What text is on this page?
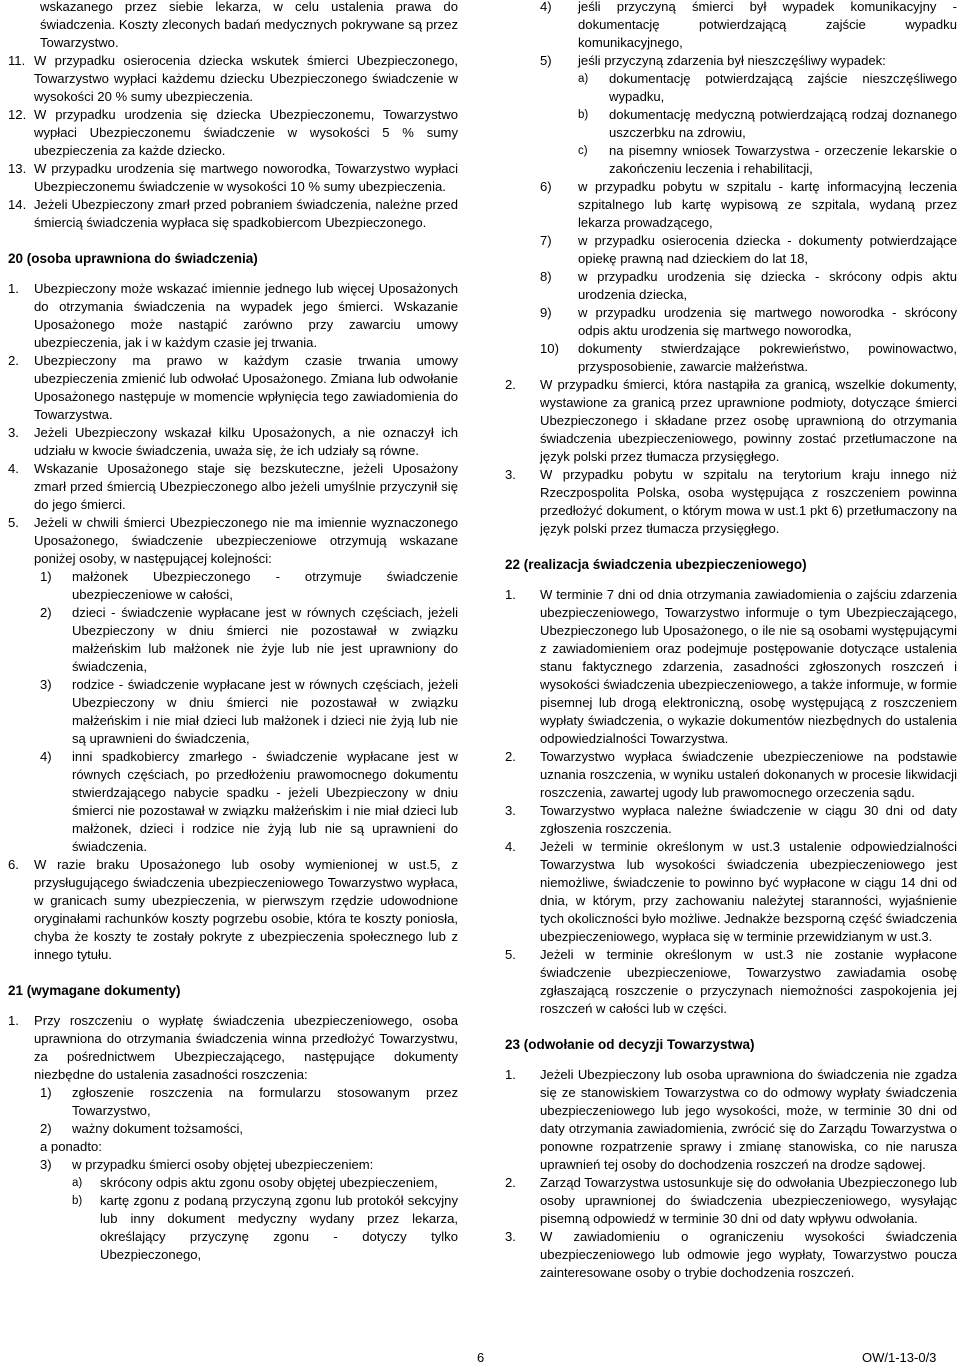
wskazanego przez siebie lekarza, w celu ustalenia prawa do świadczenia. Koszty zleconych badań medycznych pokrywane są przez Towarzystwo.
11. W przypadku osierocenia dziecka wskutek śmierci Ubezpieczonego, Towarzystwo wypłaci każdemu dziecku Ubezpieczonego świadczenie w wysokości 20 % sumy ubezpieczenia.
12. W przypadku urodzenia się dziecka Ubezpieczonemu, Towarzystwo wypłaci Ubezpieczonemu świadczenie w wysokości 5 % sumy ubezpieczenia za każde dziecko.
13. W przypadku urodzenia się martwego noworodka, Towarzystwo wypłaci Ubezpieczonemu świadczenie w wysokości 10 % sumy ubezpieczenia.
14. Jeżeli Ubezpieczony zmarł przed pobraniem świadczenia, należne przed śmiercią świadczenia wypłaca się spadkobiercom Ubezpieczonego.
20 (osoba uprawniona do świadczenia)
1. Ubezpieczony może wskazać imiennie jednego lub więcej Uposażonych do otrzymania świadczenia na wypadek jego śmierci. Wskazanie Uposażonego może nastąpić zarówno przy zawarciu umowy ubezpieczenia, jak i w każdym czasie jej trwania.
2. Ubezpieczony ma prawo w każdym czasie trwania umowy ubezpieczenia zmienić lub odwołać Uposażonego. Zmiana lub odwołanie Uposażonego następuje w momencie wpłynięcia tego zawiadomienia do Towarzystwa.
3. Jeżeli Ubezpieczony wskazał kilku Uposażonych, a nie oznaczył ich udziału w kwocie świadczenia, uważa się, że ich udziały są równe.
4. Wskazanie Uposażonego staje się bezskuteczne, jeżeli Uposażony zmarł przed śmiercią Ubezpieczonego albo jeżeli umyślnie przyczynił się do jego śmierci.
5. Jeżeli w chwili śmierci Ubezpieczonego nie ma imiennie wyznaczonego Uposażonego, świadczenie ubezpieczeniowe otrzymują wskazane poniżej osoby, w następującej kolejności:
1) małżonek Ubezpieczonego - otrzymuje świadczenie ubezpieczeniowe w całości,
2) dzieci - świadczenie wypłacane jest w równych częściach, jeżeli Ubezpieczony w dniu śmierci nie pozostawał w związku małżeńskim lub małżonek nie żyje lub nie jest uprawniony do świadczenia,
3) rodzice - świadczenie wypłacane jest w równych częściach, jeżeli Ubezpieczony w dniu śmierci nie pozostawał w związku małżeńskim i nie miał dzieci lub małżonek i dzieci nie żyją lub nie są uprawnieni do świadczenia,
4) inni spadkobiercy zmarłego - świadczenie wypłacane jest w równych częściach, po przedłożeniu prawomocnego dokumentu stwierdzającego nabycie spadku - jeżeli Ubezpieczony w dniu śmierci nie pozostawał w związku małżeńskim i nie miał dzieci lub małżonek, dzieci i rodzice nie żyją lub nie są uprawnieni do świadczenia.
6. W razie braku Uposażonego lub osoby wymienionej w ust.5, z przysługującego świadczenia ubezpieczeniowego Towarzystwo wypłaca, w granicach sumy ubezpieczenia, w pierwszym rzędzie udowodnione oryginałami rachunków koszty pogrzebu osobie, która te koszty poniosła, chyba że koszty te zostały pokryte z ubezpieczenia społecznego lub z innego tytułu.
21 (wymagane dokumenty)
1. Przy roszczeniu o wypłatę świadczenia ubezpieczeniowego, osoba uprawniona do otrzymania świadczenia winna przedłożyć Towarzystwu, za pośrednictwem Ubezpieczającego, następujące dokumenty niezbędne do ustalenia zasadności roszczenia:
1) zgłoszenie roszczenia na formularzu stosowanym przez Towarzystwo,
2) ważny dokument tożsamości,
a ponadto:
3) w przypadku śmierci osoby objętej ubezpieczeniem:
a) skrócony odpis aktu zgonu osoby objętej ubezpieczeniem,
b) kartę zgonu z podaną przyczyną zgonu lub protokół sekcyjny lub inny dokument medyczny wydany przez lekarza, określający przyczynę zgonu - dotyczy tylko Ubezpieczonego,
4) jeśli przyczyną śmierci był wypadek komunikacyjny - dokumentację potwierdzającą zajście wypadku komunikacyjnego,
5) jeśli przyczyną zdarzenia był nieszczęśliwy wypadek:
a) dokumentację potwierdzającą zajście nieszczęśliwego wypadku,
b) dokumentację medyczną potwierdzającą rodzaj doznanego uszczerbku na zdrowiu,
c) na pisemny wniosek Towarzystwa - orzeczenie lekarskie o zakończeniu leczenia i rehabilitacji,
6) w przypadku pobytu w szpitalu - kartę informacyjną leczenia szpitalnego lub kartę wypisową ze szpitala, wydaną przez lekarza prowadzącego,
7) w przypadku osierocenia dziecka - dokumenty potwierdzające opiekę prawną nad dzieckiem do lat 18,
8) w przypadku urodzenia się dziecka - skrócony odpis aktu urodzenia dziecka,
9) w przypadku urodzenia się martwego noworodka - skrócony odpis aktu urodzenia się martwego noworodka,
10) dokumenty stwierdzające pokrewieństwo, powinowactwo, przysposobienie, zawarcie małżeństwa.
2. W przypadku śmierci, która nastąpiła za granicą, wszelkie dokumenty, wystawione za granicą przez uprawnione podmioty, dotyczące śmierci Ubezpieczonego i składane przez osobę uprawnioną do otrzymania świadczenia ubezpieczeniowego, powinny zostać przetłumaczone na język polski przez tłumacza przysięgłego.
3. W przypadku pobytu w szpitalu na terytorium kraju innego niż Rzeczpospolita Polska, osoba występująca z roszczeniem powinna przedłożyć dokument, o którym mowa w ust.1 pkt 6) przetłumaczony na język polski przez tłumacza przysięgłego.
22 (realizacja świadczenia ubezpieczeniowego)
1. W terminie 7 dni od dnia otrzymania zawiadomienia o zajściu zdarzenia ubezpieczeniowego, Towarzystwo informuje o tym Ubezpieczającego, Ubezpieczonego lub Uposażonego, o ile nie są osobami występującymi z zawiadomieniem oraz podejmuje postępowanie dotyczące ustalenia stanu faktycznego zdarzenia, zasadności zgłoszonych roszczeń i wysokości świadczenia ubezpieczeniowego, a także informuje, w formie pisemnej lub drogą elektroniczną, osobę występującą z roszczeniem wypłaty świadczenia, o wykazie dokumentów niezbędnych do ustalenia odpowiedzialności Towarzystwa.
2. Towarzystwo wypłaca świadczenie ubezpieczeniowe na podstawie uznania roszczenia, w wyniku ustaleń dokonanych w procesie likwidacji roszczenia, zawartej ugody lub prawomocnego orzeczenia sądu.
3. Towarzystwo wypłaca należne świadczenie w ciągu 30 dni od daty zgłoszenia roszczenia.
4. Jeżeli w terminie określonym w ust.3 ustalenie odpowiedzialności Towarzystwa lub wysokości świadczenia ubezpieczeniowego jest niemożliwe, świadczenie to powinno być wypłacone w ciągu 14 dni od dnia, w którym, przy zachowaniu należytej staranności, wyjaśnienie tych okoliczności było możliwe. Jednakże bezsporną część świadczenia ubezpieczeniowego, wypłaca się w terminie przewidzianym w ust.3.
5. Jeżeli w terminie określonym w ust.3 nie zostanie wypłacone świadczenie ubezpieczeniowe, Towarzystwo zawiadamia osobę zgłaszającą roszczenie o przyczynach niemożności zaspokojenia jej roszczeń w całości lub w części.
23 (odwołanie od decyzji Towarzystwa)
1. Jeżeli Ubezpieczony lub osoba uprawniona do świadczenia nie zgadza się ze stanowiskiem Towarzystwa co do odmowy wypłaty świadczenia ubezpieczeniowego lub jego wysokości, może, w terminie 30 dni od daty otrzymania zawiadomienia, zwrócić się do Zarządu Towarzystwa o ponowne rozpatrzenie sprawy i zmianę stanowiska, co nie narusza uprawnień tej osoby do dochodzenia roszczeń na drodze sądowej.
2. Zarząd Towarzystwa ustosunkuje się do odwołania Ubezpieczonego lub osoby uprawnionej do świadczenia ubezpieczeniowego, wysyłając pisemną odpowiedź w terminie 30 dni od daty wpływu odwołania.
3. W zawiadomieniu o ograniczeniu wysokości świadczenia ubezpieczeniowego lub odmowie jego wypłaty, Towarzystwo poucza zainteresowane osoby o trybie dochodzenia roszczeń.
6	OW/1-13-0/3
